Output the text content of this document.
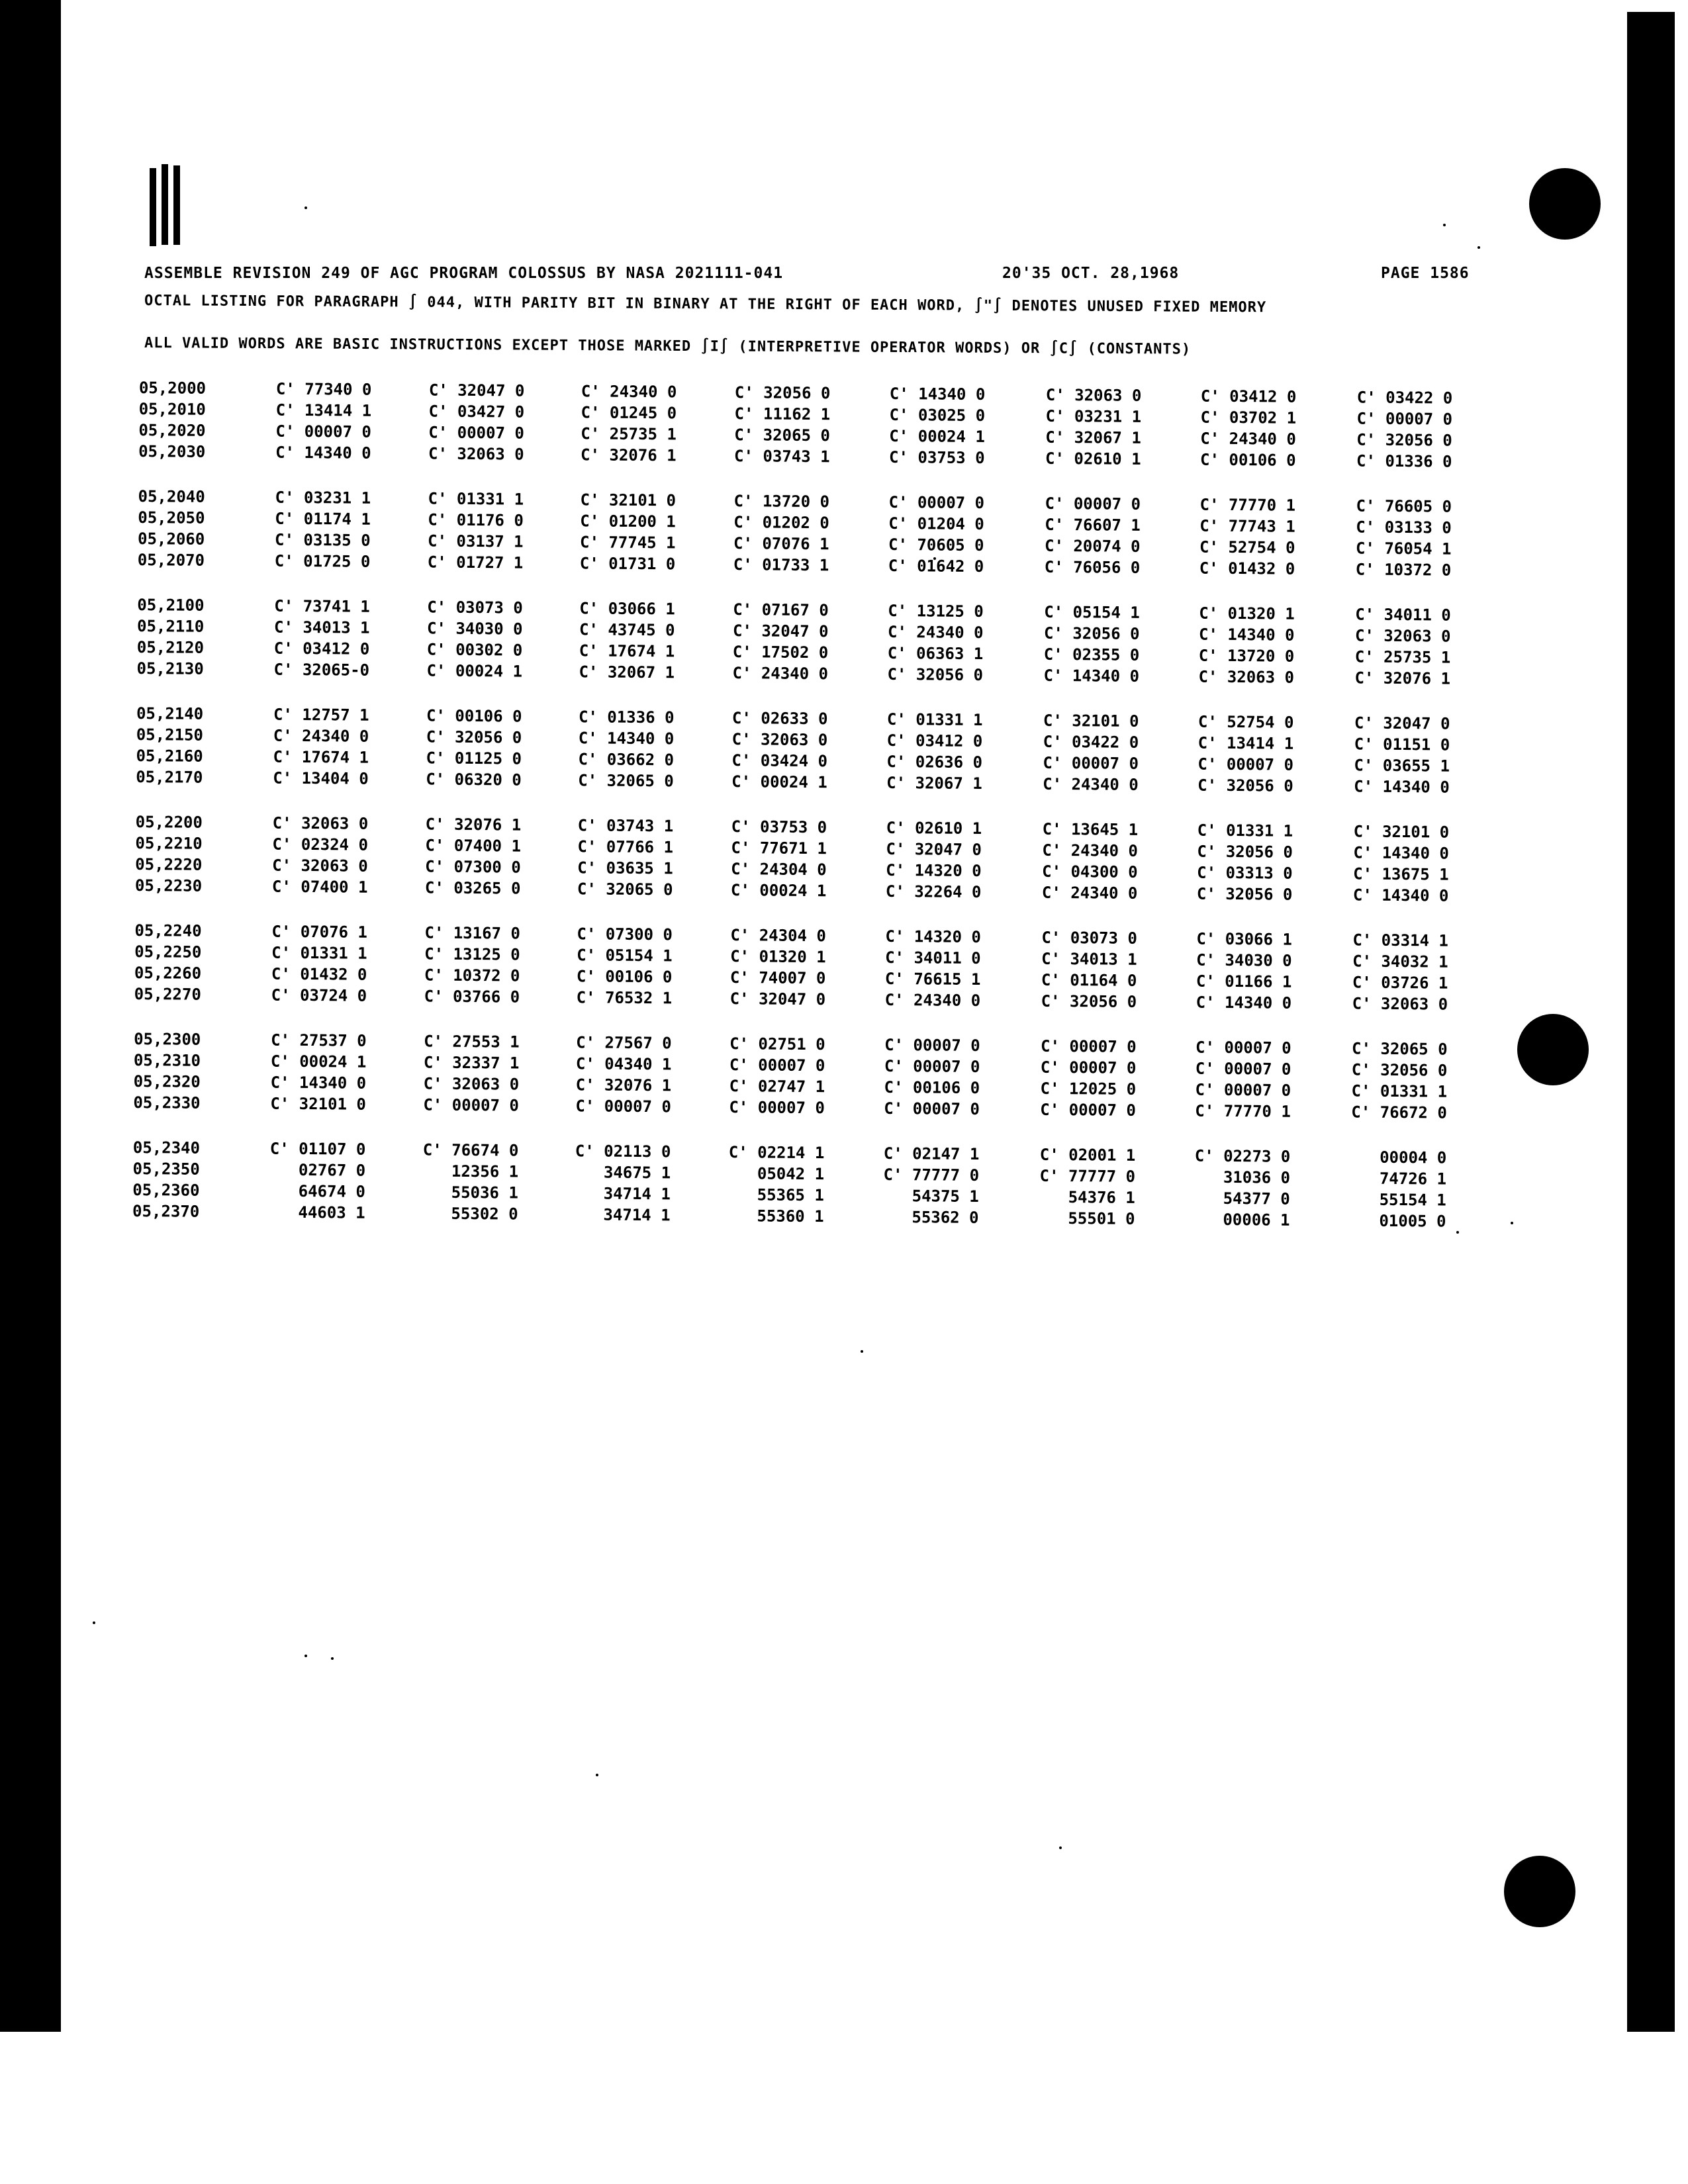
ASSEMBLE REVISION 249 OF AGC PROGRAM COLOSSUS BY NASA 2021111-041	20'35 OCT. 28,1968	PAGE 1586
OCTAL LISTING FOR PARAGRAPH ∫ 044, WITH PARITY BIT IN BINARY AT THE RIGHT OF EACH WORD, ∫"∫ DENOTES UNUSED FIXED MEMORY
ALL VALID WORDS ARE BASIC INSTRUCTIONS EXCEPT THOSE MARKED ∫I∫ (INTERPRETIVE OPERATOR WORDS) OR ∫C∫ (CONSTANTS)
05,2000	C' 77340 0	C' 32047 0	C' 24340 0	C' 32056 0	C' 14340 0	C' 32063 0	C' 03412 0	C' 03422 0
05,2010	C' 13414 1	C' 03427 0	C' 01245 0	C' 11162 1	C' 03025 0	C' 03231 1	C' 03702 1	C' 00007 0
05,2020	C' 00007 0	C' 00007 0	C' 25735 1	C' 32065 0	C' 00024 1	C' 32067 1	C' 24340 0	C' 32056 0
05,2030	C' 14340 0	C' 32063 0	C' 32076 1	C' 03743 1	C' 03753 0	C' 02610 1	C' 00106 0	C' 01336 0
05,2040	C' 03231 1	C' 01331 1	C' 32101 0	C' 13720 0	C' 00007 0	C' 00007 0	C' 77770 1	C' 76605 0
05,2050	C' 01174 1	C' 01176 0	C' 01200 1	C' 01202 0	C' 01204 0	C' 76607 1	C' 77743 1	C' 03133 0
05,2060	C' 03135 0	C' 03137 1	C' 77745 1	C' 07076 1	C' 70605 0	C' 20074 0	C' 52754 0	C' 76054 1
05,2070	C' 01725 0	C' 01727 1	C' 01731 0	C' 01733 1	C' 01642 0	C' 76056 0	C' 01432 0	C' 10372 0
05,2100	C' 73741 1	C' 03073 0	C' 03066 1	C' 07167 0	C' 13125 0	C' 05154 1	C' 01320 1	C' 34011 0
05,2110	C' 34013 1	C' 34030 0	C' 43745 0	C' 32047 0	C' 24340 0	C' 32056 0	C' 14340 0	C' 32063 0
05,2120	C' 03412 0	C' 00302 0	C' 17674 1	C' 17502 0	C' 06363 1	C' 02355 0	C' 13720 0	C' 25735 1
05,2130	C' 32065-0	C' 00024 1	C' 32067 1	C' 24340 0	C' 32056 0	C' 14340 0	C' 32063 0	C' 32076 1
05,2140	C' 12757 1	C' 00106 0	C' 01336 0	C' 02633 0	C' 01331 1	C' 32101 0	C' 52754 0	C' 32047 0
05,2150	C' 24340 0	C' 32056 0	C' 14340 0	C' 32063 0	C' 03412 0	C' 03422 0	C' 13414 1	C' 01151 0
05,2160	C' 17674 1	C' 01125 0	C' 03662 0	C' 03424 0	C' 02636 0	C' 00007 0	C' 00007 0	C' 03655 1
05,2170	C' 13404 0	C' 06320 0	C' 32065 0	C' 00024 1	C' 32067 1	C' 24340 0	C' 32056 0	C' 14340 0
05,2200	C' 32063 0	C' 32076 1	C' 03743 1	C' 03753 0	C' 02610 1	C' 13645 1	C' 01331 1	C' 32101 0
05,2210	C' 02324 0	C' 07400 1	C' 07766 1	C' 77671 1	C' 32047 0	C' 24340 0	C' 32056 0	C' 14340 0
05,2220	C' 32063 0	C' 07300 0	C' 03635 1	C' 24304 0	C' 14320 0	C' 04300 0	C' 03313 0	C' 13675 1
05,2230	C' 07400 1	C' 03265 0	C' 32065 0	C' 00024 1	C' 32264 0	C' 24340 0	C' 32056 0	C' 14340 0
05,2240	C' 07076 1	C' 13167 0	C' 07300 0	C' 24304 0	C' 14320 0	C' 03073 0	C' 03066 1	C' 03314 1
05,2250	C' 01331 1	C' 13125 0	C' 05154 1	C' 01320 1	C' 34011 0	C' 34013 1	C' 34030 0	C' 34032 1
05,2260	C' 01432 0	C' 10372 0	C' 00106 0	C' 74007 0	C' 76615 1	C' 01164 0	C' 01166 1	C' 03726 1
05,2270	C' 03724 0	C' 03766 0	C' 76532 1	C' 32047 0	C' 24340 0	C' 32056 0	C' 14340 0	C' 32063 0
05,2300	C' 27537 0	C' 27553 1	C' 27567 0	C' 02751 0	C' 00007 0	C' 00007 0	C' 00007 0	C' 32065 0
05,2310	C' 00024 1	C' 32337 1	C' 04340 1	C' 00007 0	C' 00007 0	C' 00007 0	C' 00007 0	C' 32056 0
05,2320	C' 14340 0	C' 32063 0	C' 32076 1	C' 02747 1	C' 00106 0	C' 12025 0	C' 00007 0	C' 01331 1
05,2330	C' 32101 0	C' 00007 0	C' 00007 0	C' 00007 0	C' 00007 0	C' 00007 0	C' 77770 1	C' 76672 0
05,2340	C' 01107 0	C' 76674 0	C' 02113 0	C' 02214 1	C' 02147 1	C' 02001 1	C' 02273 0	00004 0
05,2350	02767 0	12356 1	34675 1	05042 1	C' 77777 0	C' 77777 0	31036 0	74726 1
05,2360	64674 0	55036 1	34714 1	55365 1	54375 1	54376 1	54377 0	55154 1
05,2370	44603 1	55302 0	34714 1	55360 1	55362 0	55501 0	00006 1	01005 0
